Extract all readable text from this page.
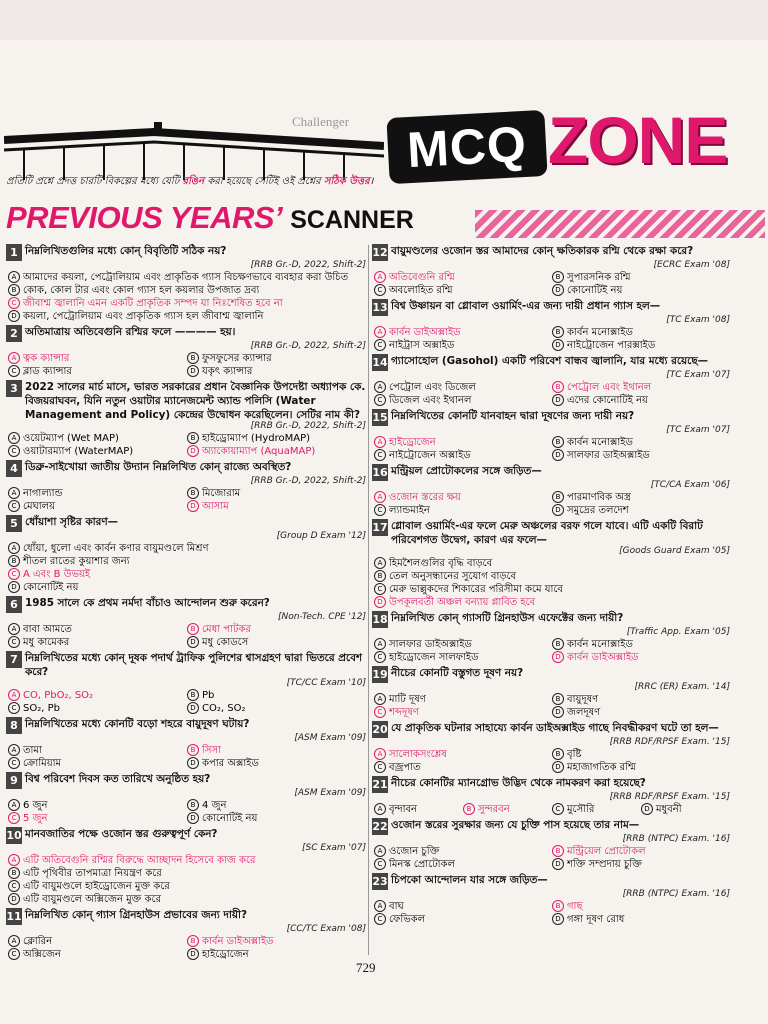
Challenger	MCQ ZONE
প্রতিটি প্রশ্নে প্রদত্ত চারটি বিকল্পের মধ্যে যেটি রঙিন করা হয়েছে সেটিই ওই প্রশ্নের সঠিক উত্তর।
PREVIOUS YEARS’ SCANNER
1 নিম্নলিখিতগুলির মধ্যে কোন্‌ বিবৃতিটি সঠিক নয়?
[RRB Gr.-D, 2022, Shift-2]
A আমাদের কয়লা, পেট্রোলিয়াম এবং প্রাকৃতিক গ্যাস বিচক্ষণভাবে ব্যবহার করা উচিত
B কোক, কোল টার এবং কোল গ্যাস হল কয়লার উপজাত দ্রব্য
C জীবাশ্ম জ্বালানি এমন একটি প্রাকৃতিক সম্পদ যা নিঃশেষিত হবে না
D কয়লা, পেট্রোলিয়াম এবং প্রাকৃতিক গ্যাস হল জীবাশ্ম জ্বালানি
2 অতিমাত্রায় অতিবেগুনি রশ্মির ফলে ———— হয়।
[RRB Gr.-D, 2022, Shift-2]
A ত্বক ক্যান্সার	B ফুসফুসের ক্যান্সার
C ব্লাড ক্যান্সার	D যকৃৎ ক্যান্সার
3 2022 সালের মার্চ মাসে, ভারত সরকারের প্রধান বৈজ্ঞানিক উপদেষ্টা অধ্যাপক কে. বিজয়রাঘবন, যিনি নতুন ওয়াটার ম্যানেজমেন্ট অ্যান্ড পলিসি (Water Management and Policy) কেন্দ্রের উদ্বোধন করেছিলেন। সেটির নাম কী?
[RRB Gr.-D, 2022, Shift-2]
A ওয়েটম্যাপ (Wet MAP)	B হাইড্রোম্যাপ (HydroMAP)
C ওয়াটারম্যাপ (WaterMAP)	D অ্যাকোয়াম্যাপ (AquaMAP)
4 ডিব্রু-সাইখোয়া জাতীয় উদ্যান নিম্নলিখিত কোন্‌ রাজ্যে অবস্থিত?
[RRB Gr.-D, 2022, Shift-2]
A নাগাল্যান্ড	B মিজোরাম
C মেঘালয়	D আসাম
5 ধোঁয়াশা সৃষ্টির কারণ—
[Group D Exam '12]
A ধোঁয়া, ধুলো এবং কার্বন কণার বায়ুমণ্ডলে মিশ্রণ
B শীতল রাতের কুয়াশার জন্য
C A এবং B উভয়ই
D কোনোটিই নয়
6 1985 সালে কে প্রথম নর্মদা বাঁচাও আন্দোলন শুরু করেন?
[Non-Tech. CPE '12]
A বাবা আমতে	B মেধা পাটকর
C মধু কামেকর	D মধু কোডসে
7 নিম্নলিখিতের মধ্যে কোন্‌ দূষক পদার্থ ট্রাফিক পুলিশের শ্বাসগ্রহণ দ্বারা ভিতরে প্রবেশ করে?
[TC/CC Exam '10]
A CO, PbO₂, SO₂	B Pb
C SO₂, Pb	D CO₂, SO₂
8 নিম্নলিখিতের মধ্যে কোনটি বড়ো শহরে বায়ুদূষণ ঘটায়?
[ASM Exam '09]
A তামা	B সিসা
C ক্রোমিয়াম	D কপার অক্সাইড
9 বিশ্ব পরিবেশ দিবস কত তারিখে অনুষ্ঠিত হয়?
[ASM Exam '09]
A 6 জুন	B 4 জুন
C 5 জুন	D কোনোটিই নয়
10 মানবজাতির পক্ষে ওজোন স্তর গুরুত্বপূর্ণ কেন?
[SC Exam '07]
A এটি অতিবেগুনি রশ্মির বিরুদ্ধে আচ্ছাদন হিসেবে কাজ করে
B এটি পৃথিবীর তাপমাত্রা নিয়ন্ত্রণ করে
C এটি বায়ুমণ্ডলে হাইড্রোজেন মুক্ত করে
D এটি বায়ুমণ্ডলে অক্সিজেন মুক্ত করে
11 নিম্নলিখিত কোন্‌ গ্যাস গ্রিনহাউস প্রভাবের জন্য দায়ী?
[CC/TC Exam '08]
A ক্লোরিন	B কার্বন ডাইঅক্সাইড
C অক্সিজেন	D হাইড্রোজেন
12 বায়ুমণ্ডলের ওজোন স্তর আমাদের কোন্‌ ক্ষতিকারক রশ্মি থেকে রক্ষা করে?
[ECRC Exam '08]
A অতিবেগুনি রশ্মি	B সুপারসনিক রশ্মি
C অবলোহিত রশ্মি	D কোনোটিই নয়
13 বিশ্ব উষ্ণায়ন বা গ্লোবাল ওয়ার্মিং-এর জন্য দায়ী প্রধান গ্যাস হল—
[TC Exam '08]
A কার্বন ডাইঅক্সাইড	B কার্বন মনোক্সাইড
C নাইট্রাস অক্সাইড	D নাইট্রোজেন পারক্সাইড
14 গ্যাসোহোল (Gasohol) একটি পরিবেশ বান্ধব জ্বালানি, যার মধ্যে রয়েছে—
[TC Exam '07]
A পেট্রোল এবং ডিজেল	B পেট্রোল এবং ইথানল
C ডিজেল এবং ইথানল	D এদের কোনোটিই নয়
15 নিম্নলিখিতের কোনটি যানবাহন দ্বারা দূষণের জন্য দায়ী নয়?
[TC Exam '07]
A হাইড্রোজেন	B কার্বন মনোক্সাইড
C নাইট্রোজেন অক্সাইড	D সালফার ডাইঅক্সাইড
16 মন্ট্রিয়ল প্রোটোকলের সঙ্গে জড়িত—
[TC/CA Exam '06]
A ওজোন স্তরের ক্ষয়	B পারমাণবিক অস্ত্র
C ল্যান্ডমাইন	D সমুদ্রের তলদেশ
17 গ্লোবাল ওয়ার্মিং-এর ফলে মেরু অঞ্চলের বরফ গলে যাবে। এটি একটি বিরাট পরিবেশগত উদ্বেগ, কারণ এর ফলে—
[Goods Guard Exam '05]
A হিমশৈলগুলির বৃদ্ধি বাড়বে
B তেল অনুসন্ধানের সুযোগ বাড়বে
C মেরু ভাল্লুকদের শিকারের পরিসীমা কমে যাবে
D উপকূলবর্তী অঞ্চল বন্যায় প্লাবিত হবে
18 নিম্নলিখিত কোন্‌ গ্যাসটি গ্রিনহাউস এফেক্টের জন্য দায়ী?
[Traffic App. Exam '05]
A সালফার ডাইঅক্সাইড	B কার্বন মনোক্সাইড
C হাইড্রোজেন সালফাইড	D কার্বন ডাইঅক্সাইড
19 নীচের কোনটি বস্তুগত দূষণ নয়?
[RRC (ER) Exam. '14]
A মাটি দূষণ	B বায়ুদূষণ
C শব্দদূষণ	D জলদূষণ
20 যে প্রাকৃতিক ঘটনার সাহায্যে কার্বন ডাইঅক্সাইড গাছে নিবদ্ধীকরণ ঘটে তা হল—
[RRB RDF/RPSF Exam. '15]
A সালোকসংশ্লেষ	B বৃষ্টি
C বজ্রপাত	D মহাজাগতিক রশ্মি
21 নীচের কোনটির ম্যানগ্রোভ উদ্ভিদ থেকে নামকরণ করা হয়েছে?
[RRB RDF/RPSF Exam. '15]
A বৃন্দাবন	B সুন্দরবন	C মুসৌরি	D মধুবনী
22 ওজোন স্তরের সুরক্ষার জন্য যে চুক্তি পাস হয়েছে তার নাম—
[RRB (NTPC) Exam. '16]
A ওজোন চুক্তি	B মন্ট্রিয়েল প্রোটোকল
C মিনস্ক প্রোটোকল	D শক্তি সম্প্রদায় চুক্তি
23 চিপকো আন্দোলন যার সঙ্গে জড়িত—
[RRB (NTPC) Exam. '16]
A বাঘ	B গাছ
C ফেভিকল	D গঙ্গা দূষণ রোধ
729
